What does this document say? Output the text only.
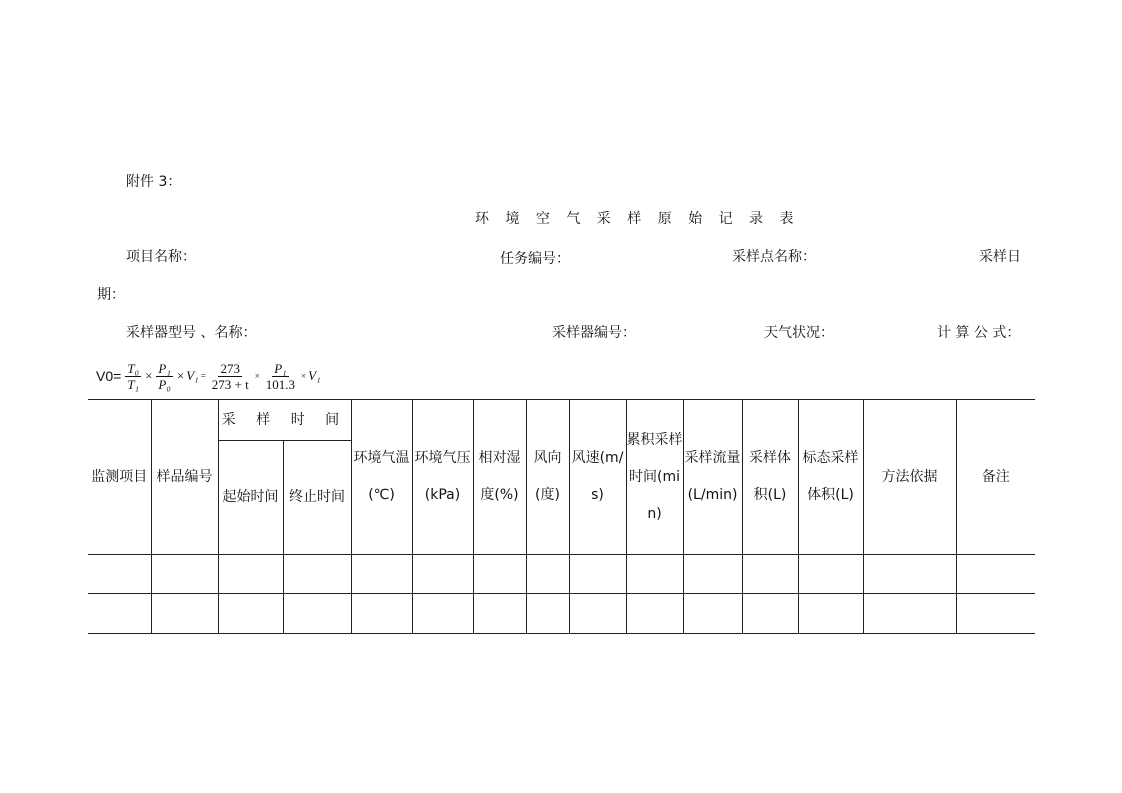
附件 3：
环 境 空 气 采 样 原 始 记 录 表
项目名称：	任务编号：	采样点名称：	采样日
期：
采样器型号 、名称：	采样器编号：	天气状况：	计 算 公 式：
$V0= \frac{\text{T₀}}{\text{T₁}} \times \frac{\text{P₁}}{\text{P₀}} \times V_1 = \frac{273}{273 + t} \times \frac{\text{P₁}}{101.3} \times V_1$
监测项目	样品编号	采 样 时 间		环境气温(℃)	环境气压(kPa)	相对湿度(%)	风向(度)	风速(m/s)	累积采样时间(min)	采样流量(L/min)	采样体积(L)	标态采样体积(L)	方法依据	备注
		起始时间	终止时间											
